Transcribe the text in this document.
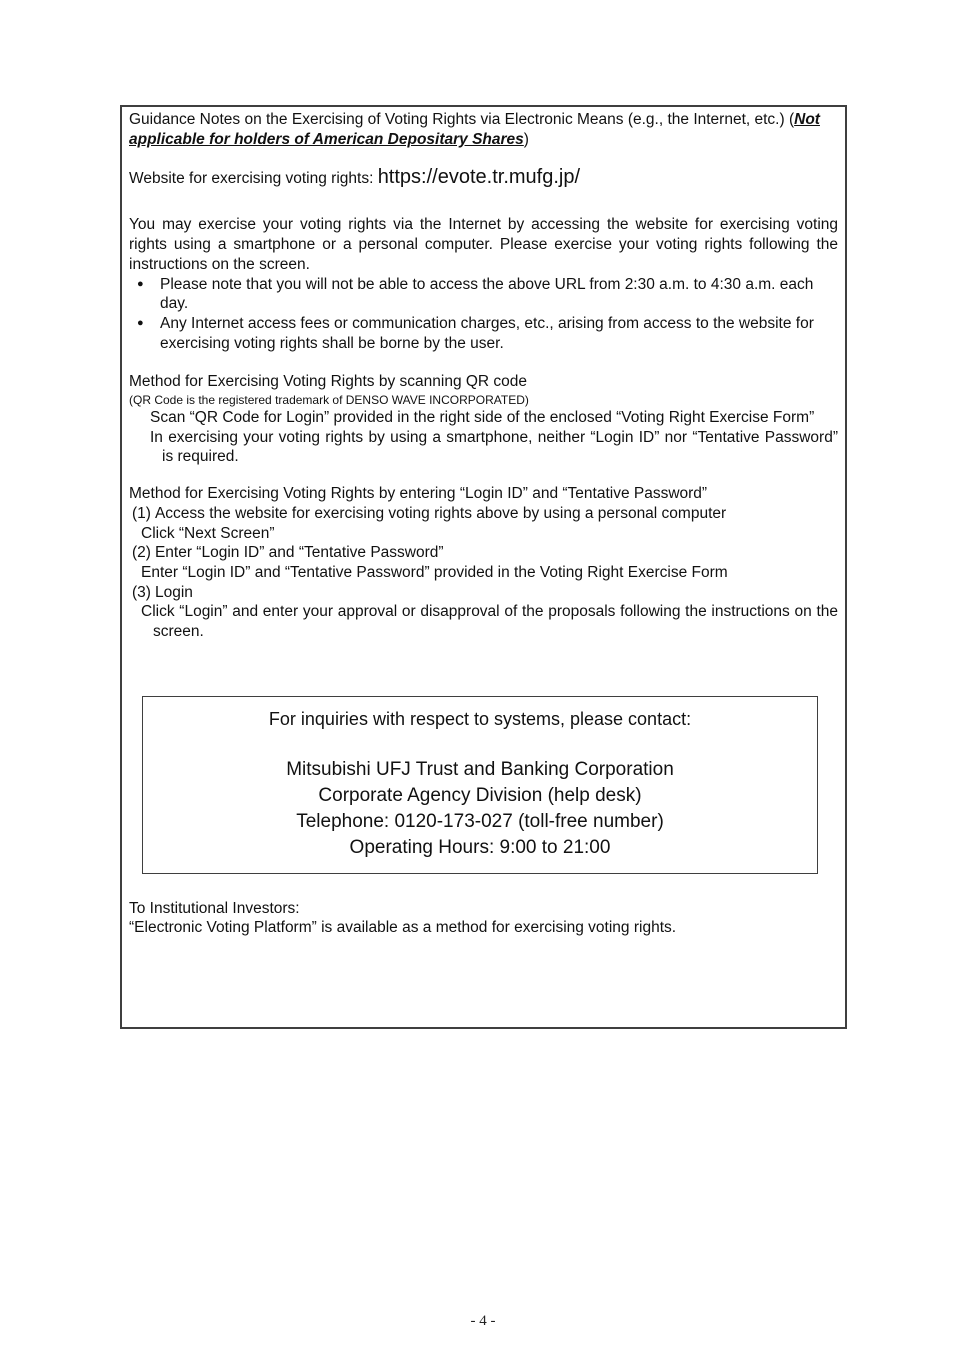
Guidance Notes on the Exercising of Voting Rights via Electronic Means (e.g., the Internet, etc.) (Not applicable for holders of American Depositary Shares)
Website for exercising voting rights: https://evote.tr.mufg.jp/
You may exercise your voting rights via the Internet by accessing the website for exercising voting rights using a smartphone or a personal computer. Please exercise your voting rights following the instructions on the screen.
● Please note that you will not be able to access the above URL from 2:30 a.m. to 4:30 a.m. each day.
● Any Internet access fees or communication charges, etc., arising from access to the website for exercising voting rights shall be borne by the user.
Method for Exercising Voting Rights by scanning QR code
(QR Code is the registered trademark of DENSO WAVE INCORPORATED)
Scan “QR Code for Login” provided in the right side of the enclosed “Voting Right Exercise Form”
In exercising your voting rights by using a smartphone, neither “Login ID” nor “Tentative Password” is required.
Method for Exercising Voting Rights by entering “Login ID” and “Tentative Password”
(1) Access the website for exercising voting rights above by using a personal computer
Click “Next Screen”
(2) Enter “Login ID” and “Tentative Password”
Enter “Login ID” and “Tentative Password” provided in the Voting Right Exercise Form
(3) Login
Click “Login” and enter your approval or disapproval of the proposals following the instructions on the screen.
For inquiries with respect to systems, please contact:
Mitsubishi UFJ Trust and Banking Corporation
Corporate Agency Division (help desk)
Telephone: 0120-173-027 (toll-free number)
Operating Hours: 9:00 to 21:00
To Institutional Investors:
“Electronic Voting Platform” is available as a method for exercising voting rights.
- 4 -
